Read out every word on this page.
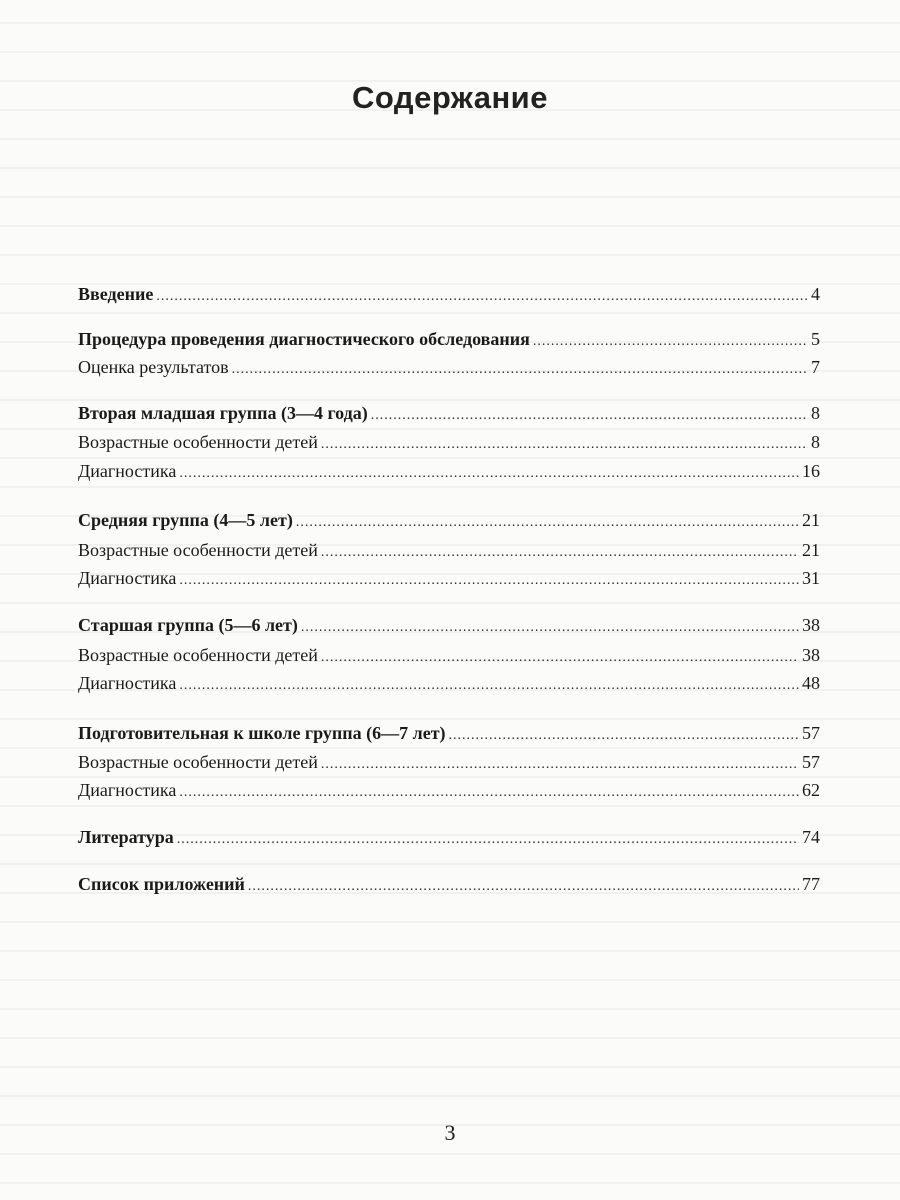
Содержание
Введение .....	4
Процедура проведения диагностического обследования .....	5
Оценка результатов .....	7
Вторая младшая группа (3—4 года) .....	8
Возрастные особенности детей .....	8
Диагностика .....	16
Средняя группа (4—5 лет) .....	21
Возрастные особенности детей .....	21
Диагностика .....	31
Старшая группа (5—6 лет) .....	38
Возрастные особенности детей .....	38
Диагностика .....	48
Подготовительная к школе группа (6—7 лет) .....	57
Возрастные особенности детей .....	57
Диагностика .....	62
Литература .....	74
Список приложений .....	77
3
